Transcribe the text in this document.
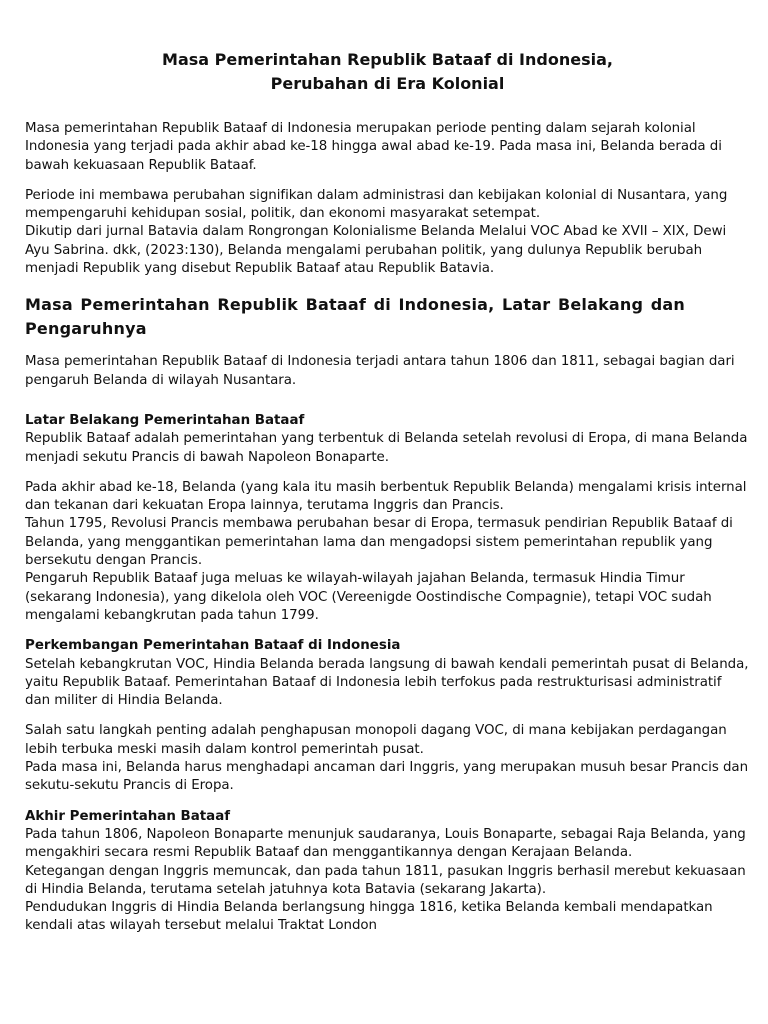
Masa Pemerintahan Republik Bataaf di Indonesia,
Perubahan di Era Kolonial

Masa pemerintahan Republik Bataaf di Indonesia merupakan periode penting dalam sejarah kolonial Indonesia yang terjadi pada akhir abad ke-18 hingga awal abad ke-19. Pada masa ini, Belanda berada di bawah kekuasaan Republik Bataaf.

Periode ini membawa perubahan signifikan dalam administrasi dan kebijakan kolonial di Nusantara, yang mempengaruhi kehidupan sosial, politik, dan ekonomi masyarakat setempat.

Dikutip dari jurnal Batavia dalam Rongrongan Kolonialisme Belanda Melalui VOC Abad ke XVII – XIX, Dewi Ayu Sabrina. dkk, (2023:130), Belanda mengalami perubahan politik, yang dulunya Republik berubah menjadi Republik yang disebut Republik Bataaf atau Republik Batavia.

Masa Pemerintahan Republik Bataaf di Indonesia, Latar Belakang dan Pengaruhnya

Masa pemerintahan Republik Bataaf di Indonesia terjadi antara tahun 1806 dan 1811, sebagai bagian dari pengaruh Belanda di wilayah Nusantara.

Latar Belakang Pemerintahan Bataaf

Republik Bataaf adalah pemerintahan yang terbentuk di Belanda setelah revolusi di Eropa, di mana Belanda menjadi sekutu Prancis di bawah Napoleon Bonaparte.

Pada akhir abad ke-18, Belanda (yang kala itu masih berbentuk Republik Belanda) mengalami krisis internal dan tekanan dari kekuatan Eropa lainnya, terutama Inggris dan Prancis.

Tahun 1795, Revolusi Prancis membawa perubahan besar di Eropa, termasuk pendirian Republik Bataaf di Belanda, yang menggantikan pemerintahan lama dan mengadopsi sistem pemerintahan republik yang bersekutu dengan Prancis.

Pengaruh Republik Bataaf juga meluas ke wilayah-wilayah jajahan Belanda, termasuk Hindia Timur (sekarang Indonesia), yang dikelola oleh VOC (Vereenigde Oostindische Compagnie), tetapi VOC sudah mengalami kebangkrutan pada tahun 1799.

Perkembangan Pemerintahan Bataaf di Indonesia

Setelah kebangkrutan VOC, Hindia Belanda berada langsung di bawah kendali pemerintah pusat di Belanda, yaitu Republik Bataaf. Pemerintahan Bataaf di Indonesia lebih terfokus pada restrukturisasi administratif dan militer di Hindia Belanda.

Salah satu langkah penting adalah penghapusan monopoli dagang VOC, di mana kebijakan perdagangan lebih terbuka meski masih dalam kontrol pemerintah pusat.

Pada masa ini, Belanda harus menghadapi ancaman dari Inggris, yang merupakan musuh besar Prancis dan sekutu-sekutu Prancis di Eropa.

Akhir Pemerintahan Bataaf

Pada tahun 1806, Napoleon Bonaparte menunjuk saudaranya, Louis Bonaparte, sebagai Raja Belanda, yang mengakhiri secara resmi Republik Bataaf dan menggantikannya dengan Kerajaan Belanda.

Ketegangan dengan Inggris memuncak, dan pada tahun 1811, pasukan Inggris berhasil merebut kekuasaan di Hindia Belanda, terutama setelah jatuhnya kota Batavia (sekarang Jakarta).

Pendudukan Inggris di Hindia Belanda berlangsung hingga 1816, ketika Belanda kembali mendapatkan kendali atas wilayah tersebut melalui Traktat London
